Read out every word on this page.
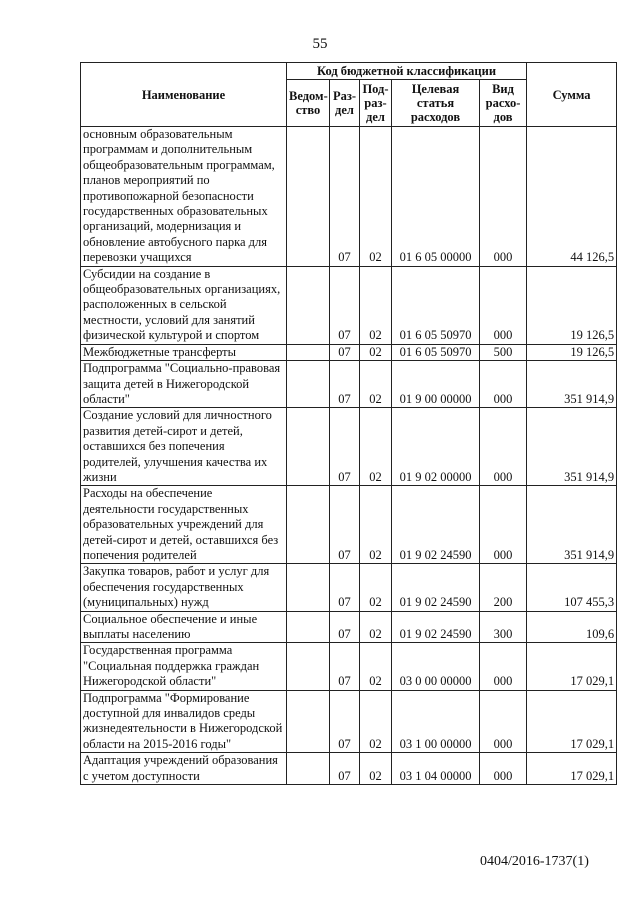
55
Наименование	Код бюджетной классификации					Сумма
	Ведом-ство	Раз-дел	Под-раз-дел	Целевая статья расходов	Вид расхо-дов	
основным образовательным программам и дополнительным общеобразовательным программам, планов мероприятий по противопожарной безопасности государственных образовательных организаций, модернизация и обновление автобусного парка для перевозки учащихся		07	02	01 6 05 00000	000	44 126,5
Субсидии на создание в общеобразовательных организациях, расположенных в сельской местности, условий для занятий физической культурой и спортом		07	02	01 6 05 50970	000	19 126,5
Межбюджетные трансферты		07	02	01 6 05 50970	500	19 126,5
Подпрограмма "Социально-правовая защита детей в Нижегородской области"		07	02	01 9 00 00000	000	351 914,9
Создание условий для личностного развития детей-сирот и детей, оставшихся без попечения родителей, улучшения качества их жизни		07	02	01 9 02 00000	000	351 914,9
Расходы на обеспечение деятельности государственных образовательных учреждений для детей-сирот и детей, оставшихся без попечения родителей		07	02	01 9 02 24590	000	351 914,9
Закупка товаров, работ и услуг для обеспечения государственных (муниципальных) нужд		07	02	01 9 02 24590	200	107 455,3
Социальное обеспечение и иные выплаты населению		07	02	01 9 02 24590	300	109,6
Государственная программа "Социальная поддержка граждан Нижегородской области"		07	02	03 0 00 00000	000	17 029,1
Подпрограмма "Формирование доступной для инвалидов среды жизнедеятельности в Нижегородской области на 2015-2016 годы"		07	02	03 1 00 00000	000	17 029,1
Адаптация учреждений образования с учетом доступности		07	02	03 1 04 00000	000	17 029,1
0404/2016-1737(1)
